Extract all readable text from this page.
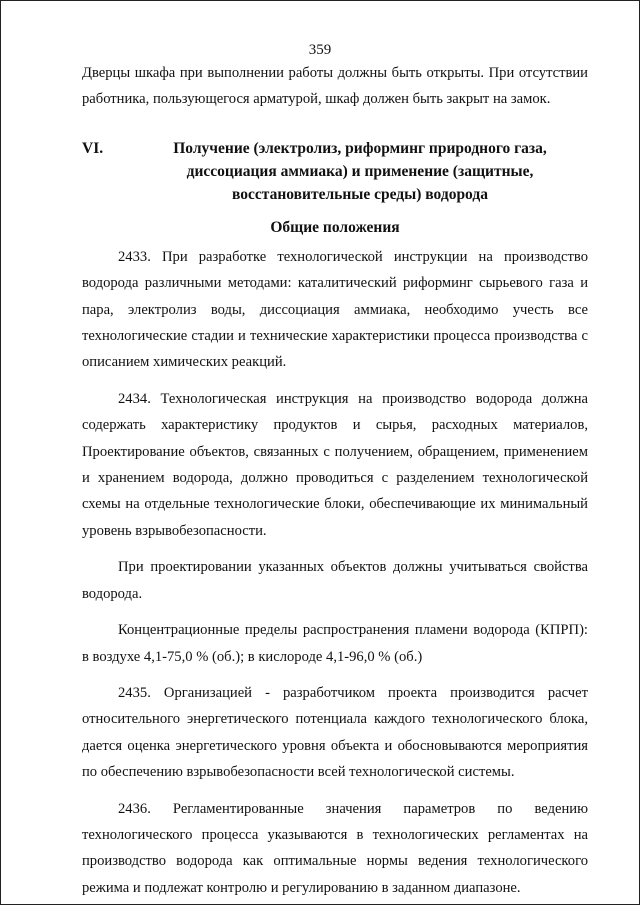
359

Дверцы шкафа при выполнении работы должны быть открыты. При отсутствии работника, пользующегося арматурой, шкаф должен быть закрыт на замок.

VI.	Получение (электролиз, риформинг природного газа, диссоциация аммиака) и применение (защитные, восстановительные среды) водорода
Общие положения

2433. При разработке технологической инструкции на производство водорода различными методами: каталитический риформинг сырьевого газа и пара, электролиз воды, диссоциация аммиака, необходимо учесть все технологические стадии и технические характеристики процесса производства с описанием химических реакций.

2434. Технологическая инструкция на производство водорода должна содержать характеристику продуктов и сырья, расходных материалов, Проектирование объектов, связанных с получением, обращением, применением и хранением водорода, должно проводиться с разделением технологической схемы на отдельные технологические блоки, обеспечивающие их минимальный уровень взрывобезопасности.

При проектировании указанных объектов должны учитываться свойства водорода.

Концентрационные пределы распространения пламени водорода (КПРП): в воздухе 4,1-75,0 % (об.); в кислороде 4,1-96,0 % (об.)

2435. Организацией - разработчиком проекта производится расчет относительного энергетического потенциала каждого технологического блока, дается оценка энергетического уровня объекта и обосновываются мероприятия по обеспечению взрывобезопасности всей технологической системы.

2436. Регламентированные значения параметров по ведению технологического процесса указываются в технологических регламентах на производство водорода как оптимальные нормы ведения технологического режима и подлежат контролю и регулированию в заданном диапазоне.
